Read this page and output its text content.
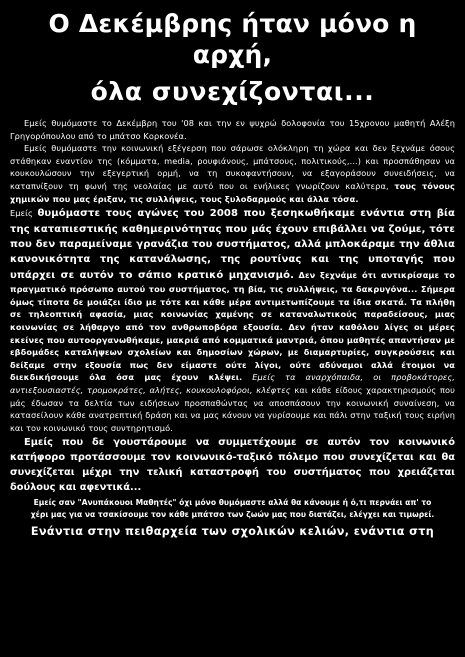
Ο Δεκέμβρης ήταν μόνο η αρχή,
όλα συνεχίζονται...

Εμείς θυμόμαστε το Δεκέμβρη του '08 και την εν ψυχρώ δολοφονία του 15χρονου μαθητή Αλέξη Γρηγορόπουλου από το μπάτσο Κορκονέα.

Εμείς θυμόμαστε την κοινωνική εξέγερση που σάρωσε ολόκληρη τη χώρα και δεν ξεχνάμε όσους στάθηκαν εναντίον της (κόμματα, media, ρουφιάνους, μπάτσους, πολιτικούς,...) και προσπάθησαν να κουκουλώσουν την εξεγερτική ορμή, να τη συκοφαντήσουν, να εξαγοράσουν συνειδήσεις, να καταπνίξουν τη φωνή της νεολαίας με αυτό που οι ενήλικες γνωρίζουν καλύτερα, τους τόνους χημικών που μας έριξαν, τις συλλήψεις, τους ξυλοδαρμούς και άλλα τόσα.

Εμείς θυμόμαστε τους αγώνες του 2008 που ξεσηκωθήκαμε ενάντια στη βία της καταπιεστικής καθημερινότητας που μάς έχουν επιβάλλει να ζούμε, τότε που δεν παραμείναμε γρανάζια του συστήματος, αλλά μπλοκάραμε την άθλια κανονικότητα της κατανάλωσης, της ρουτίνας και της υποταγής που υπάρχει σε αυτόν το σάπιο κρατικό μηχανισμό. Δεν ξεχνάμε ότι αντικρίσαμε το πραγματικό πρόσωπο αυτού του συστήματος, τη βία, τις συλλήψεις, τα δακρυγόνα... Σήμερα όμως τίποτα δε μοιάζει ίδιο με τότε και κάθε μέρα αντιμετωπίζουμε τα ίδια σκατά. Τα πλήθη σε τηλεοπτική αφασία, μιας κοινωνίας χαμένης σε καταναλωτικούς παραδείσους, μιας κοινωνίας σε λήθαργο από τον ανθρωποβόρα εξουσία. Δεν ήταν καθόλου λίγες οι μέρες εκείνες που αυτοοργανωθήκαμε, μακριά από κομματικά μαντριά, όπου μαθητές απαντήσαν με εβδομάδες καταλήψεων σχολείων και δημοσίων χώρων, με διαμαρτυρίες, συγκρούσεις και δείξαμε στην εξουσία πως δεν είμαστε ούτε λίγοι, ούτε αδύναμοι αλλά έτοιμοι να διεκδικήσουμε όλα όσα μας έχουν κλέψει. Εμείς τα αναρχόπαιδα, οι προβοκάτορες, αντιεξουσιαστές, τρομοκράτες, αλήτες, κουκουλοφόροι, κλέφτες και κάθε είδους χαρακτηρισμούς που μάς έδωσαν τα δελτία των ειδήσεων προσπαθώντας να αποσπάσουν την κοινωνική συναίνεση, να κατασείλουν κάθε ανατρεπτική δράση και να μας κάνουν να γυρίσουμε και πάλι στην ταξική τους ειρήνη και τον κοινωνικό τους συντηρητισμό.

Εμείς που δε γουστάρουμε να συμμετέχουμε σε αυτόν τον κοινωνικό κατήφορο προτάσσουμε τον κοινωνικό-ταξικό πόλεμο που συνεχίζεται και θα συνεχίζεται μέχρι την τελική καταστροφή του συστήματος που χρειάζεται δούλους και αφεντικά...

Εμείς σαν "Ανυπάκουοι Μαθητές" όχι μόνο θυμόμαστε αλλά θα κάνουμε ή ό,τι περνάει απ' το

χέρι μας για να τσακίσουμε τον κάθε μπάτσο των ζωών μας που διατάζει, ελέγχει και τιμωρεί.

Ενάντια στην πειθαρχεία των σχολικών κελιών, ενάντια στη
